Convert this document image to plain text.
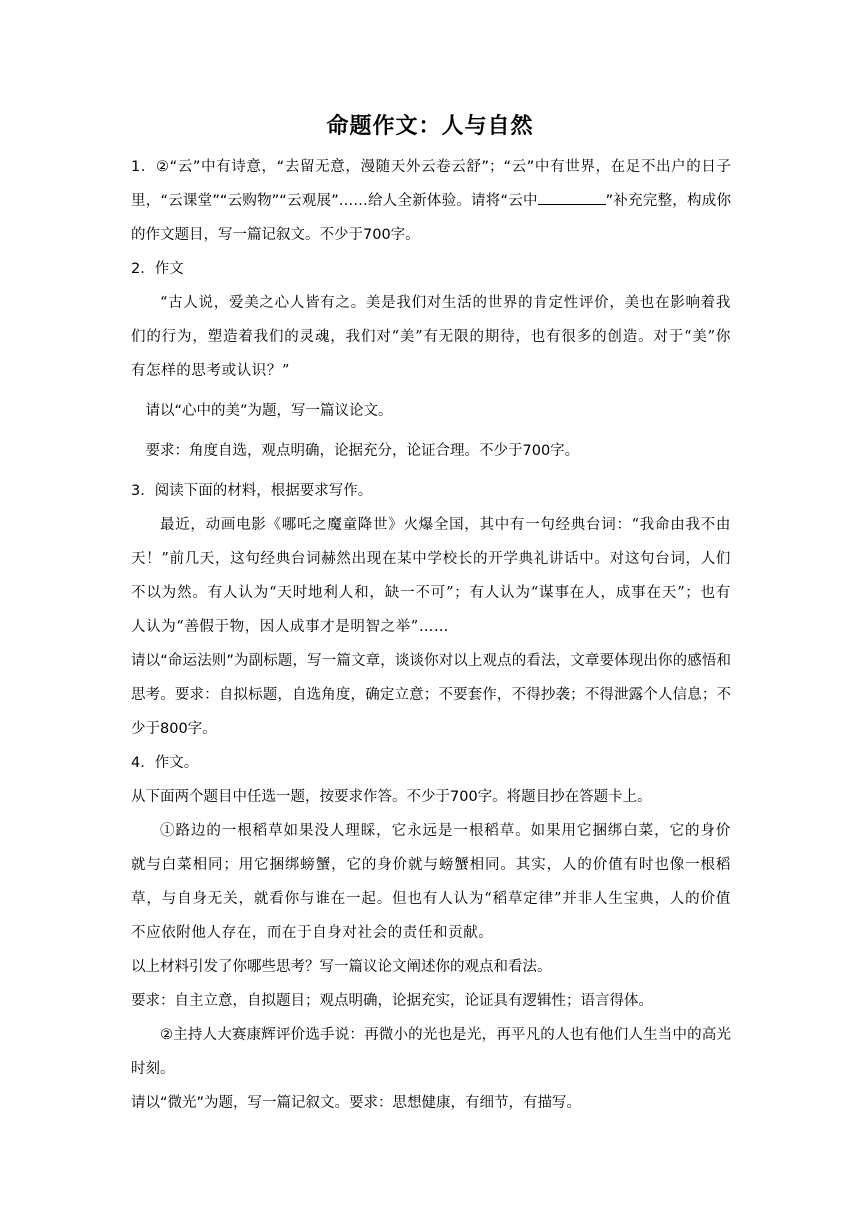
命题作文：人与自然

1．②“云”中有诗意，“去留无意，漫随天外云卷云舒”；“云”中有世界，在足不出户的日子里，“云课堂”“云购物”“云观展”……给人全新体验。请将“云中	”补充完整，构成你的作文题目，写一篇记叙文。不少于700字。

2．作文

“古人说，爱美之心人皆有之。美是我们对生活的世界的肯定性评价，美也在影响着我们的行为，塑造着我们的灵魂，我们对“美”有无限的期待，也有很多的创造。对于“美”你有怎样的思考或认识？”

请以“心中的美”为题，写一篇议论文。

要求：角度自选，观点明确，论据充分，论证合理。不少于700字。

3．阅读下面的材料，根据要求写作。

最近，动画电影《哪吒之魔童降世》火爆全国，其中有一句经典台词：“我命由我不由天！”前几天，这句经典台词赫然出现在某中学校长的开学典礼讲话中。对这句台词，人们不以为然。有人认为“天时地利人和，缺一不可”；有人认为“谋事在人，成事在天”；也有人认为“善假于物，因人成事才是明智之举”……

请以“命运法则”为副标题，写一篇文章，谈谈你对以上观点的看法，文章要体现出你的感悟和思考。要求：自拟标题，自选角度，确定立意；不要套作，不得抄袭；不得泄露个人信息；不少于800字。

4．作文。

从下面两个题目中任选一题，按要求作答。不少于700字。将题目抄在答题卡上。

①路边的一根稻草如果没人理睬，它永远是一根稻草。如果用它捆绑白菜，它的身价就与白菜相同；用它捆绑螃蟹，它的身价就与螃蟹相同。其实，人的价值有时也像一根稻草，与自身无关，就看你与谁在一起。但也有人认为“稻草定律”并非人生宝典，人的价值不应依附他人存在，而在于自身对社会的责任和贡献。

以上材料引发了你哪些思考？写一篇议论文阐述你的观点和看法。

要求：自主立意，自拟题目；观点明确，论据充实，论证具有逻辑性；语言得体。

②主持人大赛康辉评价选手说：再微小的光也是光，再平凡的人也有他们人生当中的高光时刻。

请以“微光”为题，写一篇记叙文。要求：思想健康，有细节，有描写。
